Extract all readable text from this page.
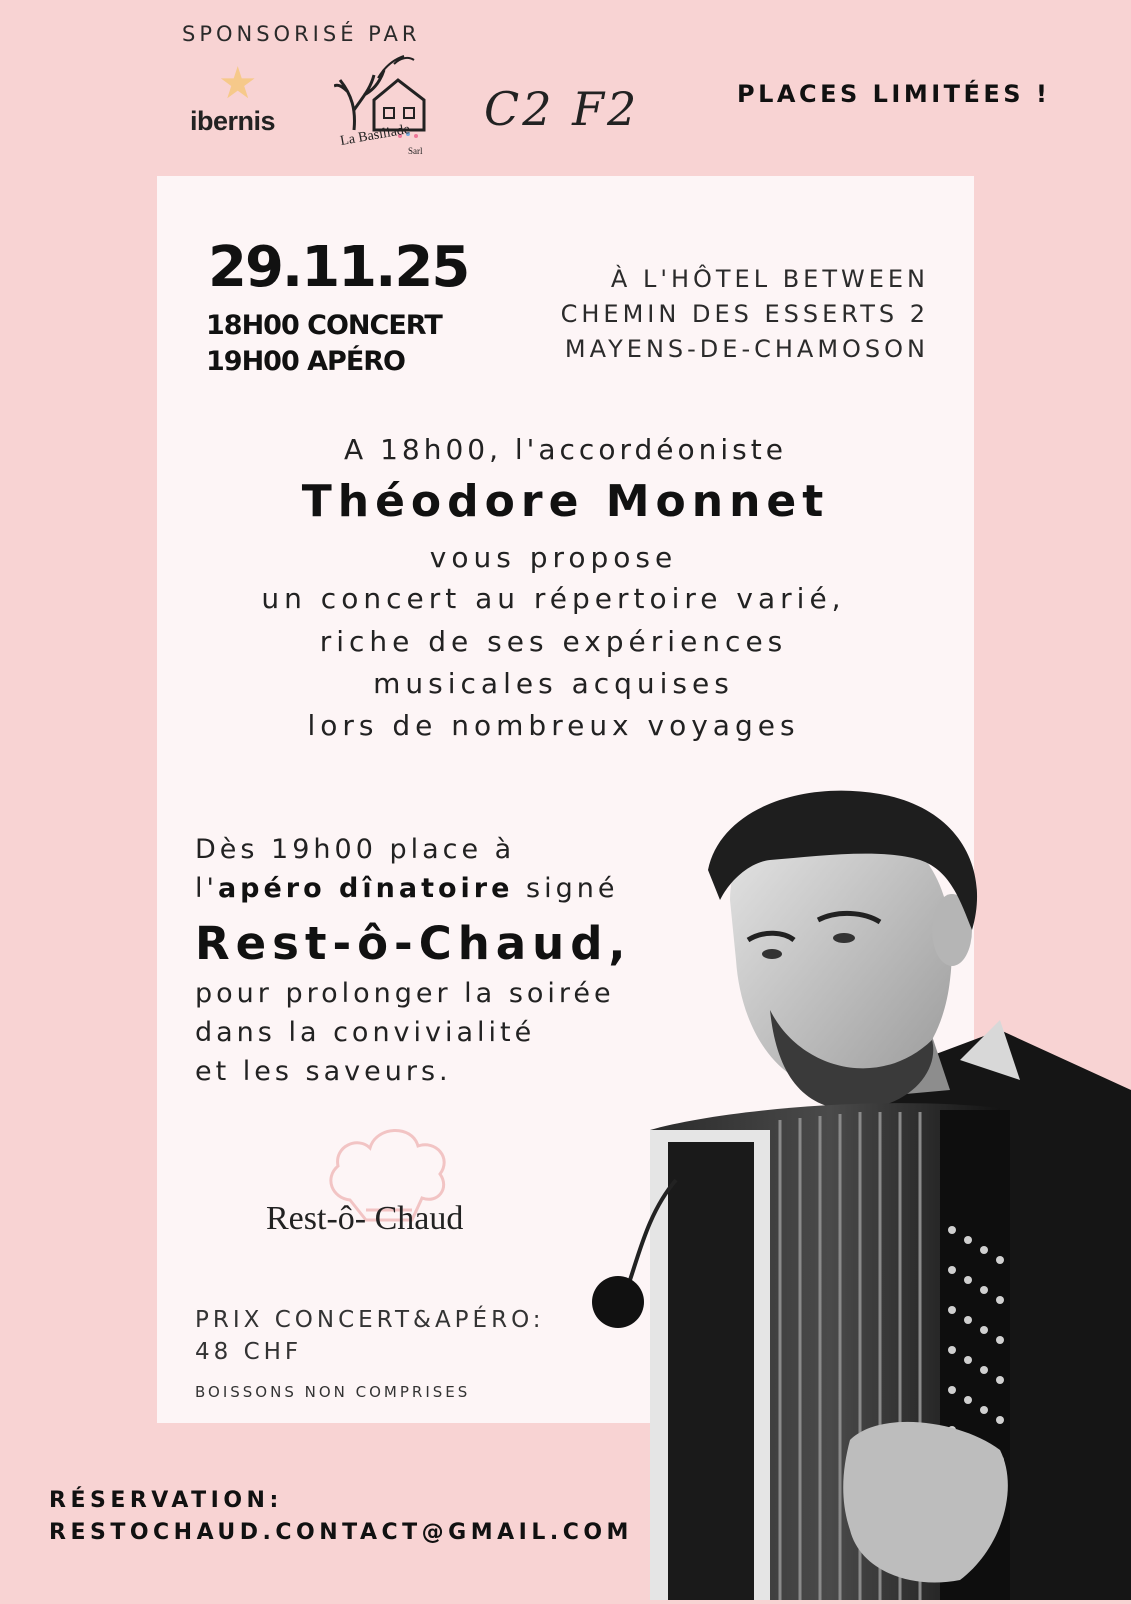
SPONSORISÉ PAR
★
ibernis	La Basiliade
Sarl
C2 F2	PLACES LIMITÉES !
29.11.25
18H00 CONCERT
19H00 APÉRO
À L'HÔTEL BETWEEN
CHEMIN DES ESSERTS 2
MAYENS-DE-CHAMOSON
A 18h00, l'accordéoniste
Théodore Monnet
vous propose
un concert au répertoire varié,
riche de ses expériences
musicales acquises
lors de nombreux voyages
Dès 19h00 place à
l'apéro dînatoire signé
Rest-ô-Chaud,
pour prolonger la soirée
dans la convivialité
et les saveurs.
Rest-ô- Chaud
PRIX CONCERT&APÉRO:
48 CHF
BOISSONS NON COMPRISES
RÉSERVATION:
RESTOCHAUD.CONTACT@GMAIL.COM
